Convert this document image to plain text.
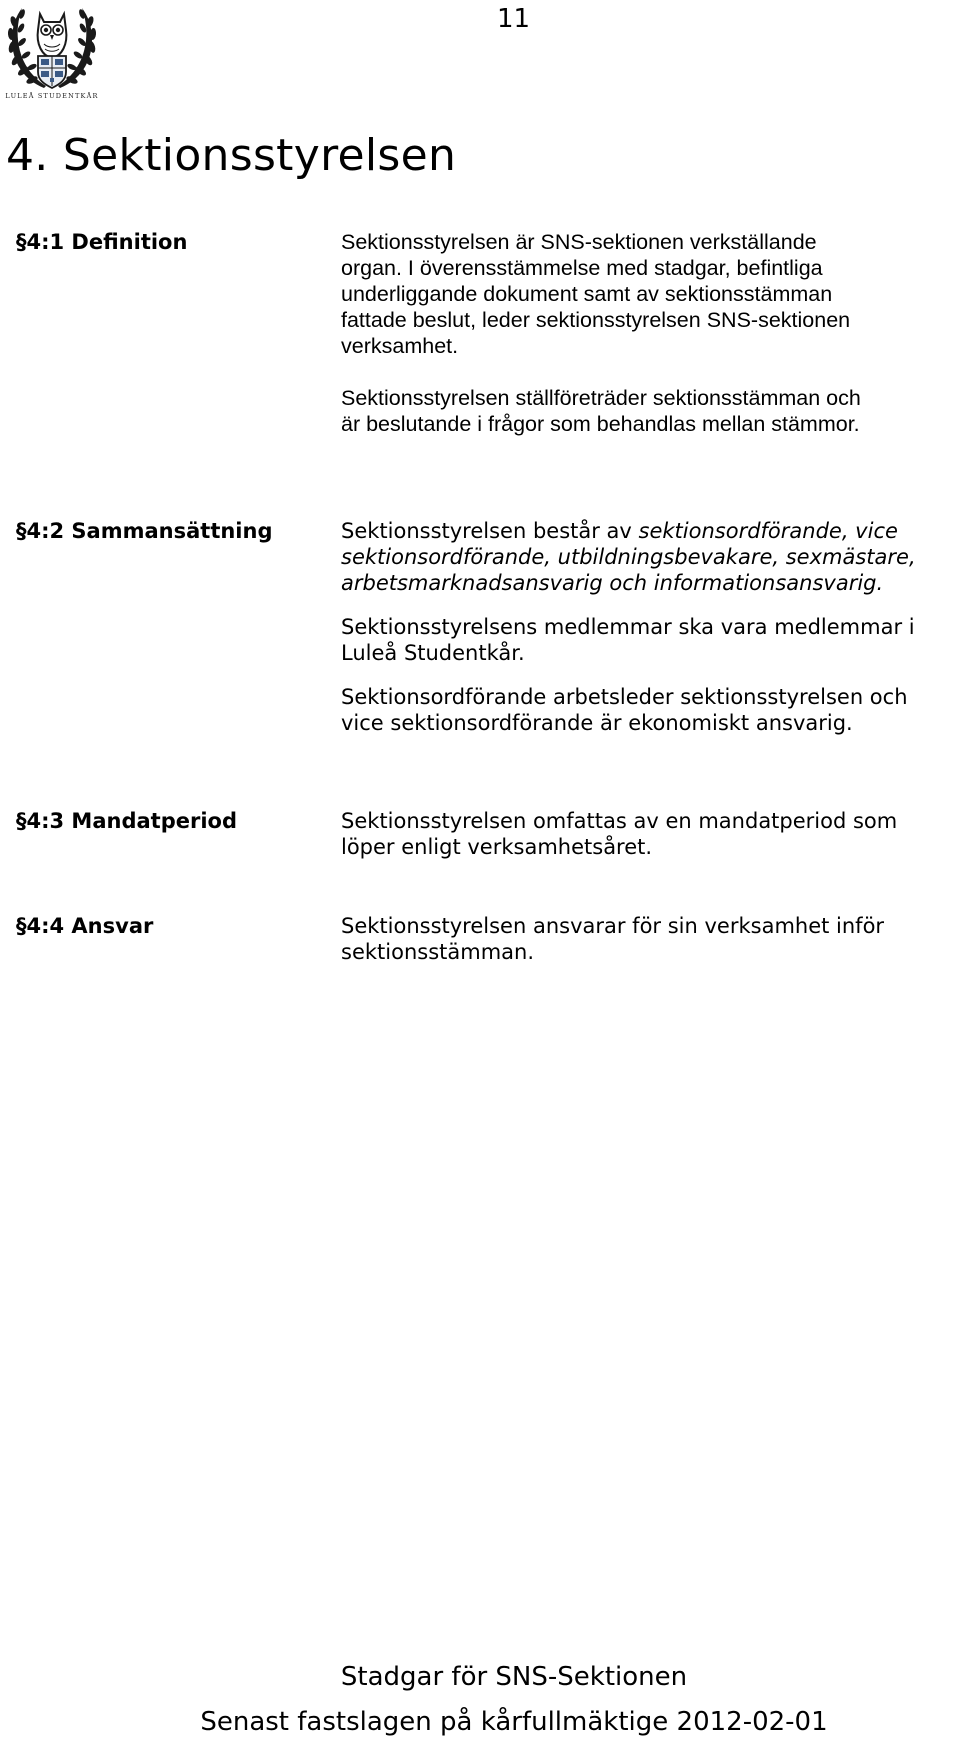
LULEÅ STUDENTKÅR
11
4. Sektionsstyrelsen
§4:1 Definition	Sektionsstyrelsen är SNS-sektionen verkställande
organ. I överensstämmelse med stadgar, befintliga
underliggande dokument samt av sektionsstämman
fattade beslut, leder sektionsstyrelsen SNS-sektionen
verksamhet.

Sektionsstyrelsen ställföreträder sektionsstämman och
är beslutande i frågor som behandlas mellan stämmor.

§4:2 Sammansättning	Sektionsstyrelsen består av sektionsordförande, vice
sektionsordförande, utbildningsbevakare, sexmästare,
arbetsmarknadsansvarig och informationsansvarig.

Sektionsstyrelsens medlemmar ska vara medlemmar i
Luleå Studentkår.

Sektionsordförande arbetsleder sektionsstyrelsen och
vice sektionsordförande är ekonomiskt ansvarig.

§4:3 Mandatperiod	Sektionsstyrelsen omfattas av en mandatperiod som
löper enligt verksamhetsåret.

§4:4 Ansvar	Sektionsstyrelsen ansvarar för sin verksamhet inför
sektionsstämman.

Stadgar för SNS-Sektionen
Senast fastslagen på kårfullmäktige 2012-02-01
